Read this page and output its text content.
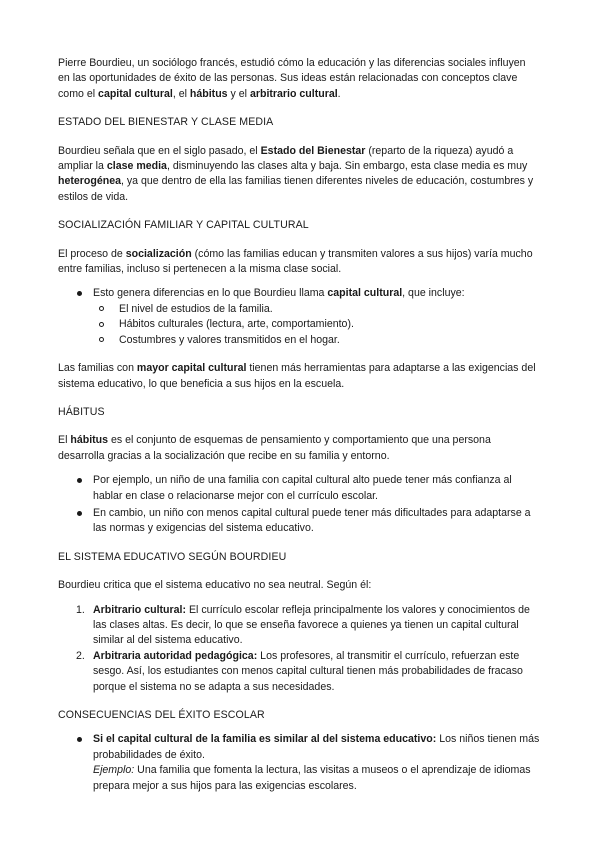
Pierre Bourdieu, un sociólogo francés, estudió cómo la educación y las diferencias sociales influyen en las oportunidades de éxito de las personas. Sus ideas están relacionadas con conceptos clave como el capital cultural, el hábitus y el arbitrario cultural.

ESTADO DEL BIENESTAR Y CLASE MEDIA

Bourdieu señala que en el siglo pasado, el Estado del Bienestar (reparto de la riqueza) ayudó a ampliar la clase media, disminuyendo las clases alta y baja. Sin embargo, esta clase media es muy heterogénea, ya que dentro de ella las familias tienen diferentes niveles de educación, costumbres y estilos de vida.

SOCIALIZACIÓN FAMILIAR Y CAPITAL CULTURAL

El proceso de socialización (cómo las familias educan y transmiten valores a sus hijos) varía mucho entre familias, incluso si pertenecen a la misma clase social.

Esto genera diferencias en lo que Bourdieu llama capital cultural, que incluye:
El nivel de estudios de la familia.
Hábitos culturales (lectura, arte, comportamiento).
Costumbres y valores transmitidos en el hogar.

Las familias con mayor capital cultural tienen más herramientas para adaptarse a las exigencias del sistema educativo, lo que beneficia a sus hijos en la escuela.

HÁBITUS

El hábitus es el conjunto de esquemas de pensamiento y comportamiento que una persona desarrolla gracias a la socialización que recibe en su familia y entorno.

Por ejemplo, un niño de una familia con capital cultural alto puede tener más confianza al hablar en clase o relacionarse mejor con el currículo escolar.
En cambio, un niño con menos capital cultural puede tener más dificultades para adaptarse a las normas y exigencias del sistema educativo.

EL SISTEMA EDUCATIVO SEGÚN BOURDIEU

Bourdieu critica que el sistema educativo no sea neutral. Según él:

1. Arbitrario cultural: El currículo escolar refleja principalmente los valores y conocimientos de las clases altas. Es decir, lo que se enseña favorece a quienes ya tienen un capital cultural similar al del sistema educativo.
2. Arbitraria autoridad pedagógica: Los profesores, al transmitir el currículo, refuerzan este sesgo. Así, los estudiantes con menos capital cultural tienen más probabilidades de fracaso porque el sistema no se adapta a sus necesidades.

CONSECUENCIAS DEL ÉXITO ESCOLAR

Si el capital cultural de la familia es similar al del sistema educativo: Los niños tienen más probabilidades de éxito.
Ejemplo: Una familia que fomenta la lectura, las visitas a museos o el aprendizaje de idiomas prepara mejor a sus hijos para las exigencias escolares.
